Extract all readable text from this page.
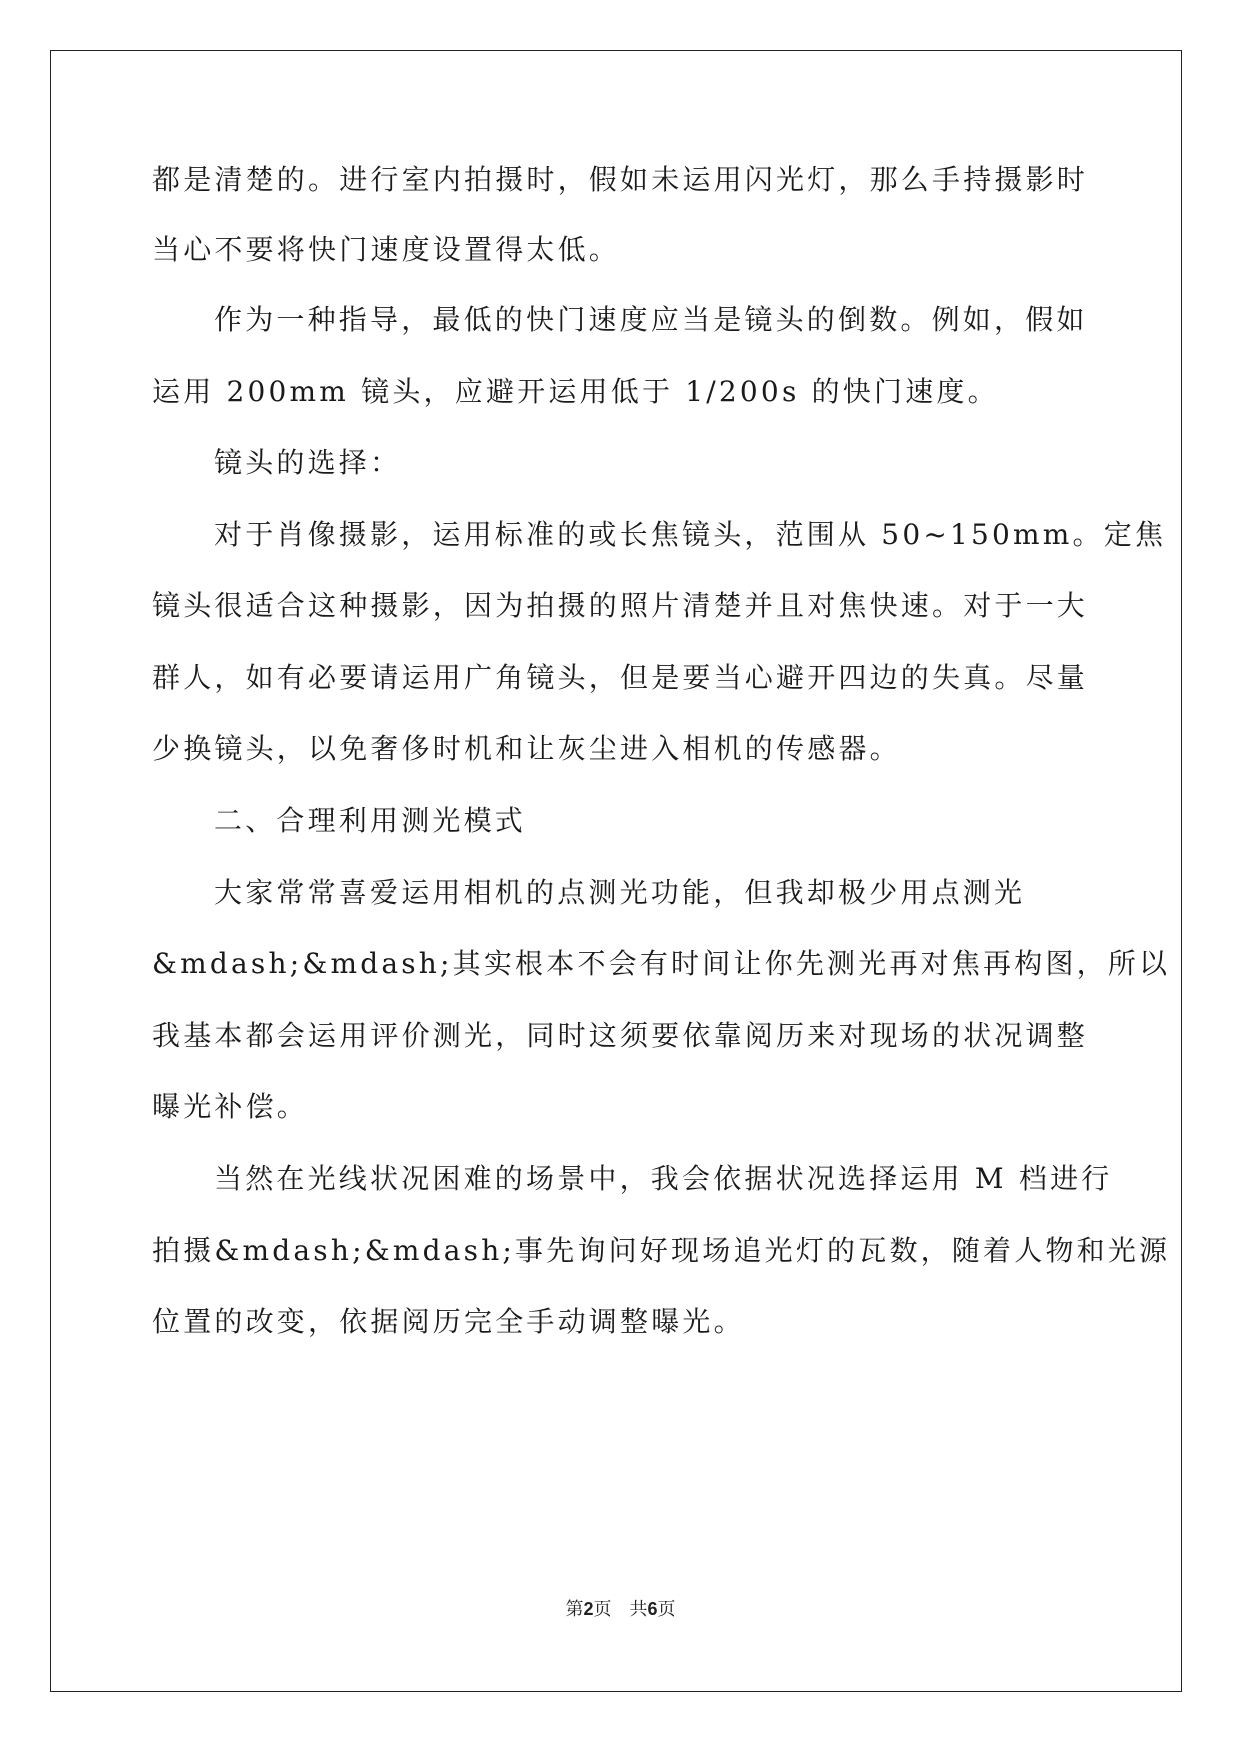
都是清楚的。进行室内拍摄时，假如未运用闪光灯，那么手持摄影时
当心不要将快门速度设置得太低。
作为一种指导，最低的快门速度应当是镜头的倒数。例如，假如
运用 200mm 镜头，应避开运用低于 1/200s 的快门速度。
镜头的选择：
对于肖像摄影，运用标准的或长焦镜头，范围从 50~150mm。定焦
镜头很适合这种摄影，因为拍摄的照片清楚并且对焦快速。对于一大
群人，如有必要请运用广角镜头，但是要当心避开四边的失真。尽量
少换镜头，以免奢侈时机和让灰尘进入相机的传感器。
二、合理利用测光模式
大家常常喜爱运用相机的点测光功能，但我却极少用点测光
&mdash;&mdash;其实根本不会有时间让你先测光再对焦再构图，所以
我基本都会运用评价测光，同时这须要依靠阅历来对现场的状况调整
曝光补偿。
当然在光线状况困难的场景中，我会依据状况选择运用 M 档进行
拍摄&mdash;&mdash;事先询问好现场追光灯的瓦数，随着人物和光源
位置的改变，依据阅历完全手动调整曝光。
第2页　共6页
